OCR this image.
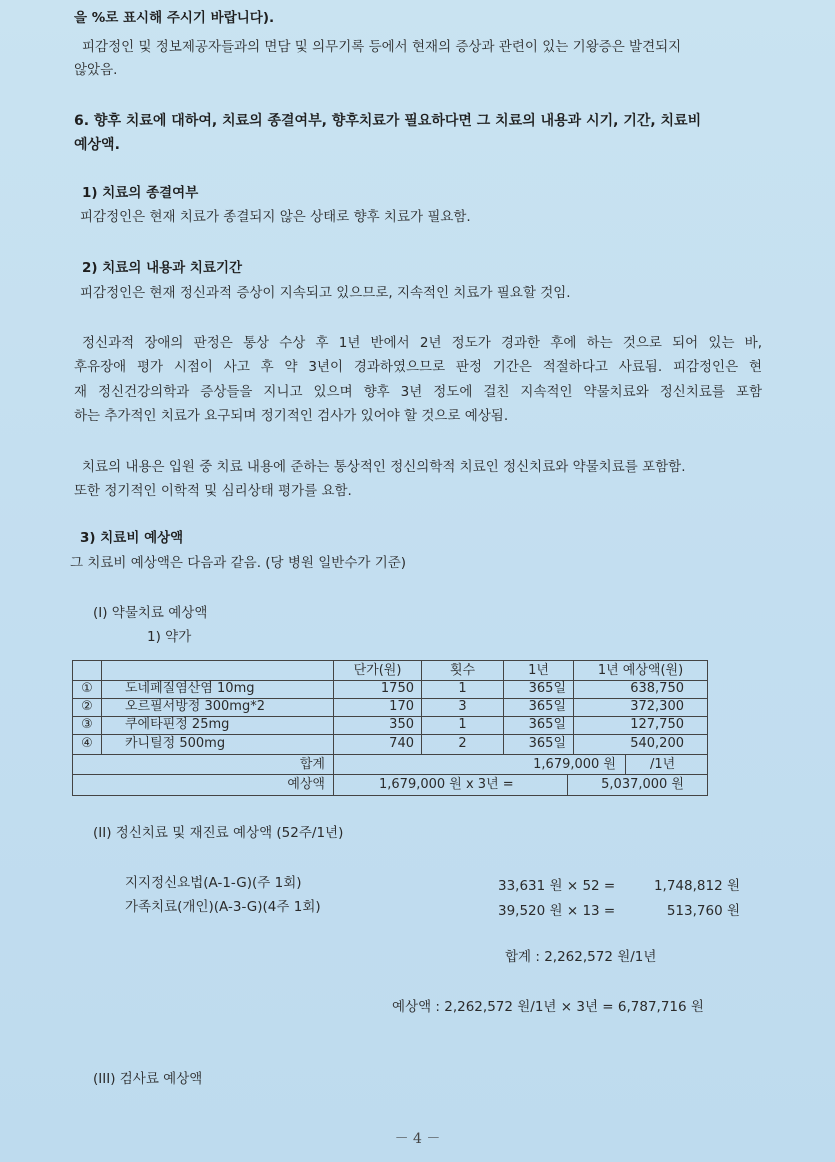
을 %로 표시해 주시기 바랍니다).
피감정인 및 정보제공자들과의 면담 및 의무기록 등에서 현재의 증상과 관련이 있는 기왕증은 발견되지
않았음.
6. 향후 치료에 대하여, 치료의 종결여부, 향후치료가 필요하다면 그 치료의 내용과 시기, 기간, 치료비
예상액.
1) 치료의 종결여부
피감정인은 현재 치료가 종결되지 않은 상태로 향후 치료가 필요함.
2) 치료의 내용과 치료기간
피감정인은 현재 정신과적 증상이 지속되고 있으므로, 지속적인 치료가 필요할 것임.
정신과적 장애의 판정은 통상 수상 후 1년 반에서 2년 정도가 경과한 후에 하는 것으로 되어 있는 바,
후유장애 평가 시점이 사고 후 약 3년이 경과하였으므로 판정 기간은 적절하다고 사료됨. 피감정인은 현
재 정신건강의학과 증상들을 지니고 있으며 향후 3년 정도에 걸친 지속적인 약물치료와 정신치료를 포함
하는 추가적인 치료가 요구되며 정기적인 검사가 있어야 할 것으로 예상됨.
치료의 내용은 입원 중 치료 내용에 준하는 통상적인 정신의학적 치료인 정신치료와 약물치료를 포함함.
또한 정기적인 이학적 및 심리상태 평가를 요함.
3) 치료비 예상액
그 치료비 예상액은 다음과 같음. (당 병원 일반수가 기준)
(I) 약물치료 예상액
1) 약가
단가(원)	횟수	1년	1년 예상액(원)
①	도네페질염산염 10mg	1750	1	365일	638,750
②	오르필서방정 300mg*2	170	3	365일	372,300
③	쿠에타핀정 25mg	350	1	365일	127,750
④	카니틸정 500mg	740	2	365일	540,200
합계	1,679,000 원	/1년
예상액	1,679,000 원 x 3년 =	5,037,000 원
(II) 정신치료 및 재진료 예상액 (52주/1년)
지지정신요법(A-1-G)(주 1회)	33,631 원 × 52 =	1,748,812 원
가족치료(개인)(A-3-G)(4주 1회)	39,520 원 × 13 =	513,760 원
합계 : 2,262,572 원/1년
예상액 : 2,262,572 원/1년 × 3년 = 6,787,716 원
(III) 검사료 예상액
－ 4 －
